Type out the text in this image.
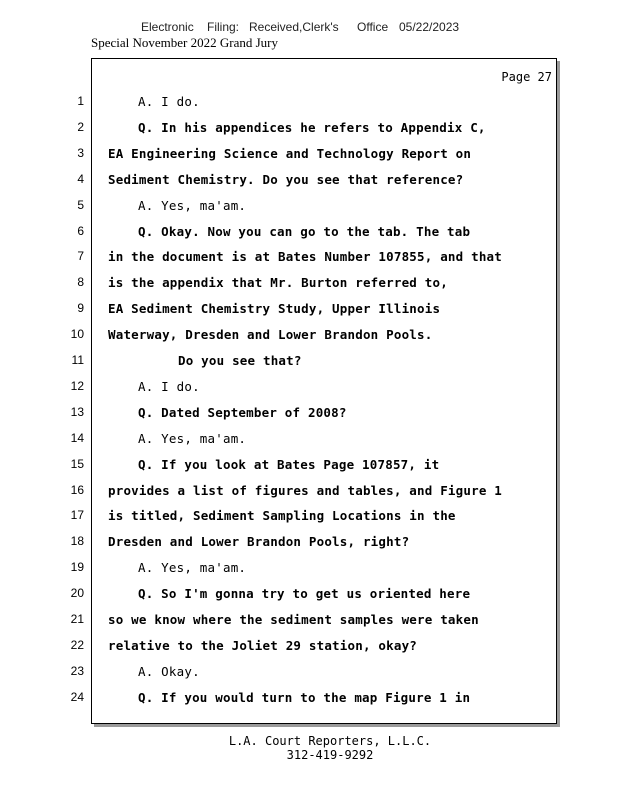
Electronic Filing: Received,Clerk's Office 05/22/2023
Special November 2022 Grand Jury
Page 27
1	A. I do.
2	Q. In his appendices he refers to Appendix C,
3 EA Engineering Science and Technology Report on
4 Sediment Chemistry. Do you see that reference?
5	A. Yes, ma'am.
6	Q. Okay. Now you can go to the tab. The tab
7 in the document is at Bates Number 107855, and that
8 is the appendix that Mr. Burton referred to,
9 EA Sediment Chemistry Study, Upper Illinois
10 Waterway, Dresden and Lower Brandon Pools.
11	Do you see that?
12	A. I do.
13	Q. Dated September of 2008?
14	A. Yes, ma'am.
15	Q. If you look at Bates Page 107857, it
16 provides a list of figures and tables, and Figure 1
17 is titled, Sediment Sampling Locations in the
18 Dresden and Lower Brandon Pools, right?
19	A. Yes, ma'am.
20	Q. So I'm gonna try to get us oriented here
21 so we know where the sediment samples were taken
22 relative to the Joliet 29 station, okay?
23	A. Okay.
24	Q. If you would turn to the map Figure 1 in
L.A. Court Reporters, L.L.C.
312-419-9292
